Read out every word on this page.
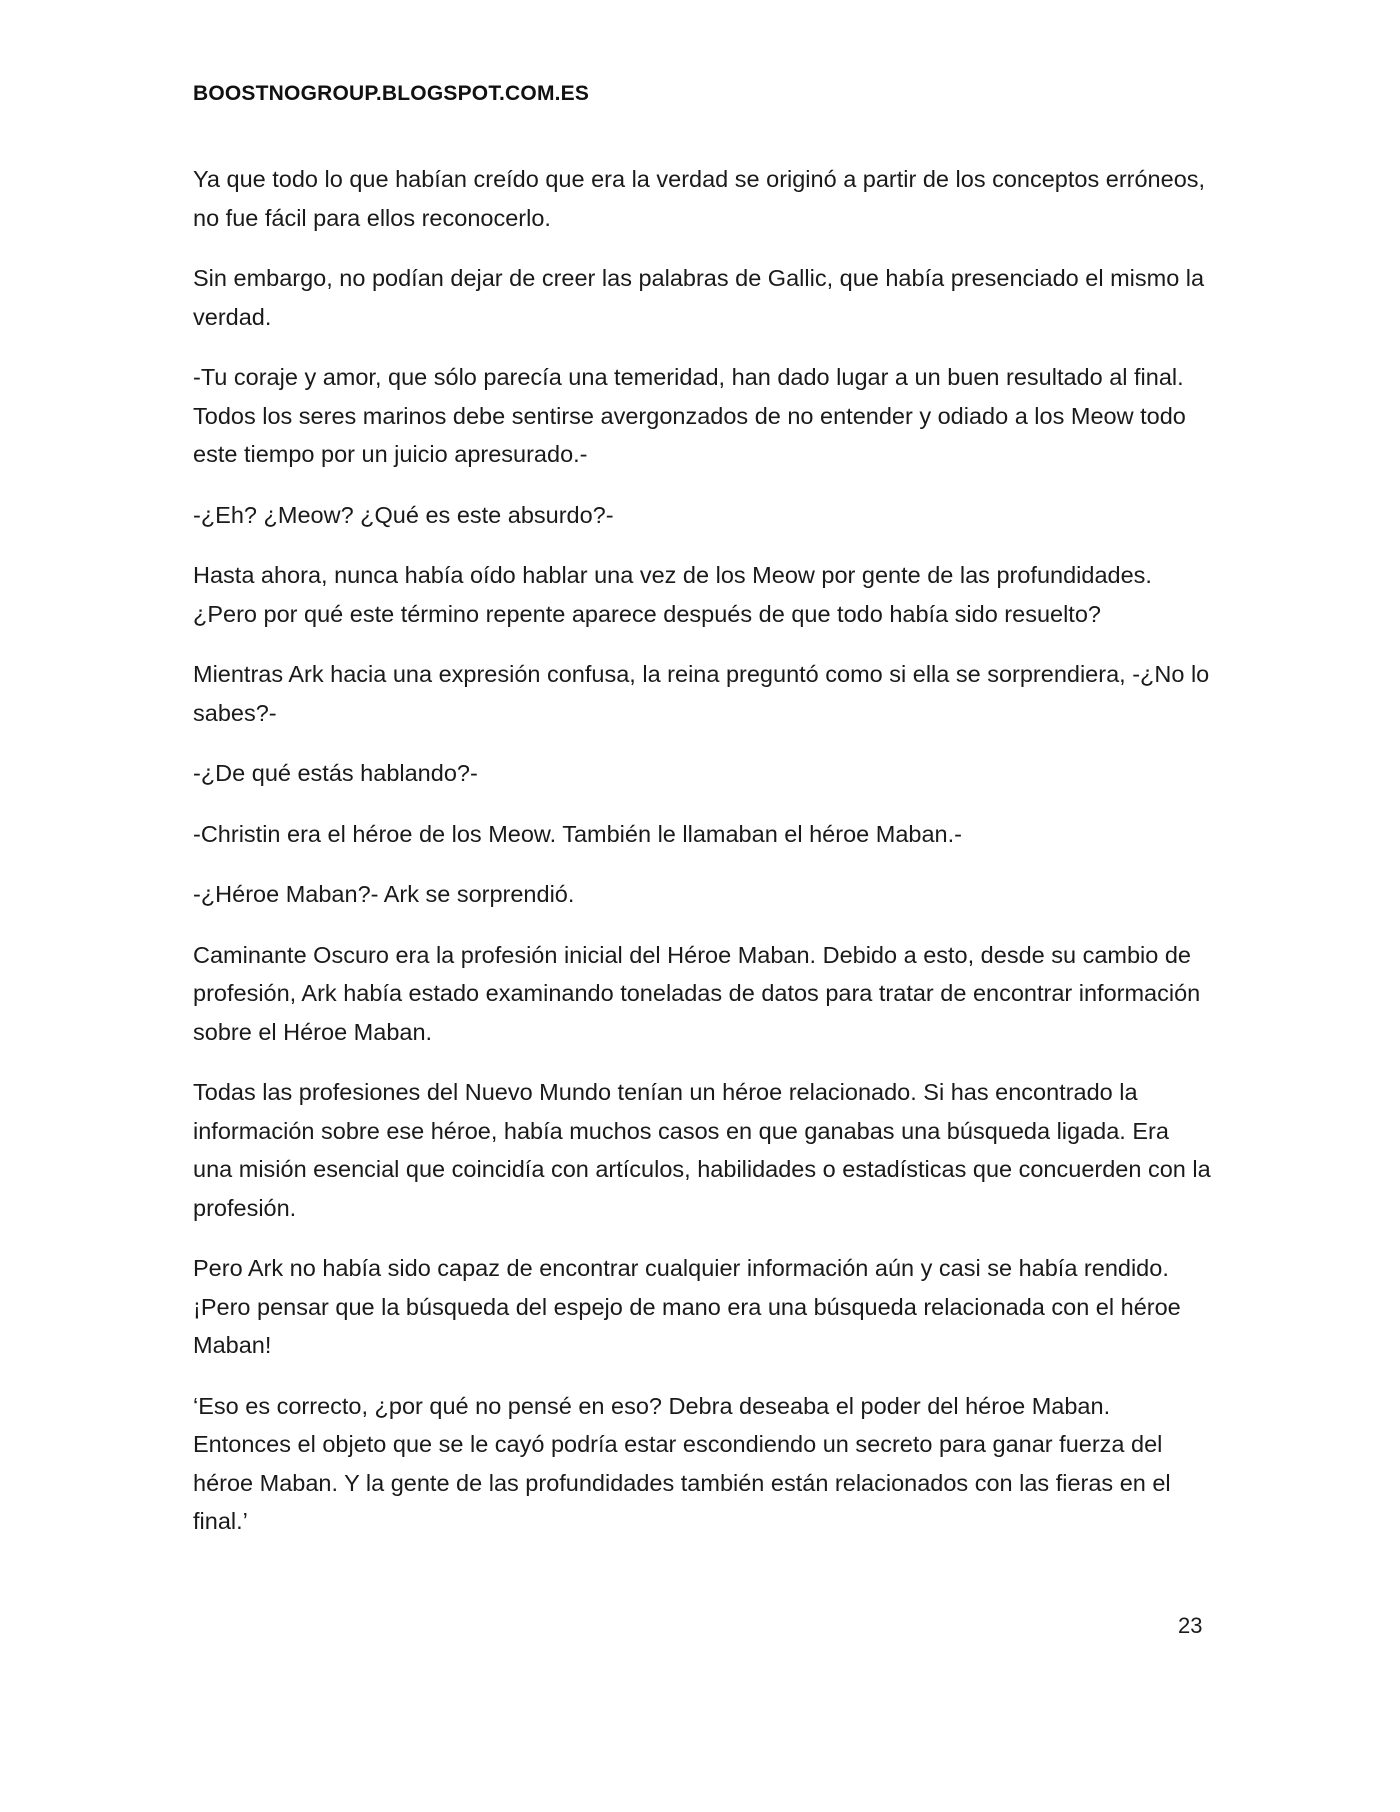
BOOSTNOGROUP.BLOGSPOT.COM.ES

Ya que todo lo que habían creído que era la verdad se originó a partir de los conceptos erróneos, no fue fácil para ellos reconocerlo.

Sin embargo, no podían dejar de creer las palabras de Gallic, que había presenciado el mismo la verdad.

-Tu coraje y amor, que sólo parecía una temeridad, han dado lugar a un buen resultado al final. Todos los seres marinos debe sentirse avergonzados de no entender y odiado a los Meow todo este tiempo por un juicio apresurado.-

-¿Eh? ¿Meow? ¿Qué es este absurdo?-

Hasta ahora, nunca había oído hablar una vez de los Meow por gente de las profundidades. ¿Pero por qué este término repente aparece después de que todo había sido resuelto?

Mientras Ark hacia una expresión confusa, la reina preguntó como si ella se sorprendiera, -¿No lo sabes?-

-¿De qué estás hablando?-

-Christin era el héroe de los Meow. También le llamaban el héroe Maban.-

-¿Héroe Maban?- Ark se sorprendió.

Caminante Oscuro era la profesión inicial del Héroe Maban. Debido a esto, desde su cambio de profesión, Ark había estado examinando toneladas de datos para tratar de encontrar información sobre el Héroe Maban.

Todas las profesiones del Nuevo Mundo tenían un héroe relacionado. Si has encontrado la información sobre ese héroe, había muchos casos en que ganabas una búsqueda ligada. Era una misión esencial que coincidía con artículos, habilidades o estadísticas que concuerden con la profesión.

Pero Ark no había sido capaz de encontrar cualquier información aún y casi se había rendido. ¡Pero pensar que la búsqueda del espejo de mano era una búsqueda relacionada con el héroe Maban!

‘Eso es correcto, ¿por qué no pensé en eso? Debra deseaba el poder del héroe Maban. Entonces el objeto que se le cayó podría estar escondiendo un secreto para ganar fuerza del héroe Maban. Y la gente de las profundidades también están relacionados con las fieras en el final.’

23
